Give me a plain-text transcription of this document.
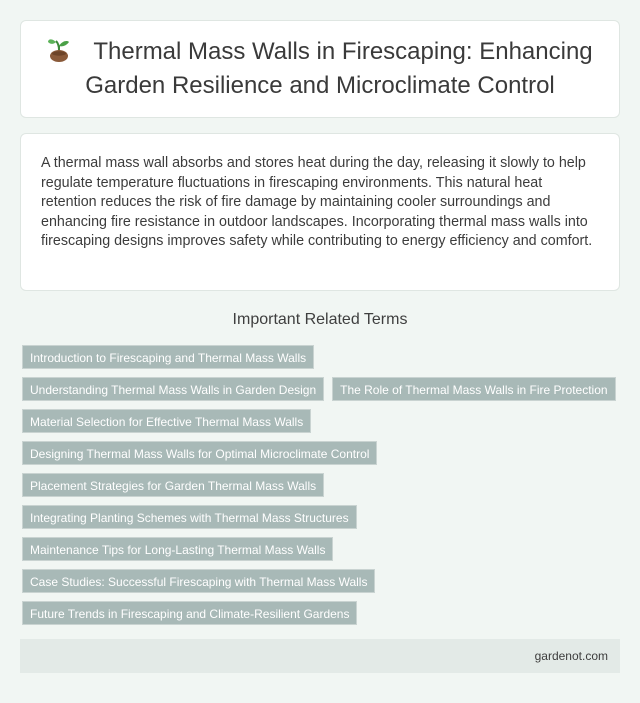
Thermal Mass Walls in Firescaping: Enhancing Garden Resilience and Microclimate Control

A thermal mass wall absorbs and stores heat during the day, releasing it slowly to help regulate temperature fluctuations in firescaping environments. This natural heat retention reduces the risk of fire damage by maintaining cooler surroundings and enhancing fire resistance in outdoor landscapes. Incorporating thermal mass walls into firescaping designs improves safety while contributing to energy efficiency and comfort.

Important Related Terms
Introduction to Firescaping and Thermal Mass Walls
Understanding Thermal Mass Walls in Garden Design	The Role of Thermal Mass Walls in Fire Protection
Material Selection for Effective Thermal Mass Walls
Designing Thermal Mass Walls for Optimal Microclimate Control
Placement Strategies for Garden Thermal Mass Walls
Integrating Planting Schemes with Thermal Mass Structures
Maintenance Tips for Long-Lasting Thermal Mass Walls
Case Studies: Successful Firescaping with Thermal Mass Walls
Future Trends in Firescaping and Climate-Resilient Gardens
gardenot.com
